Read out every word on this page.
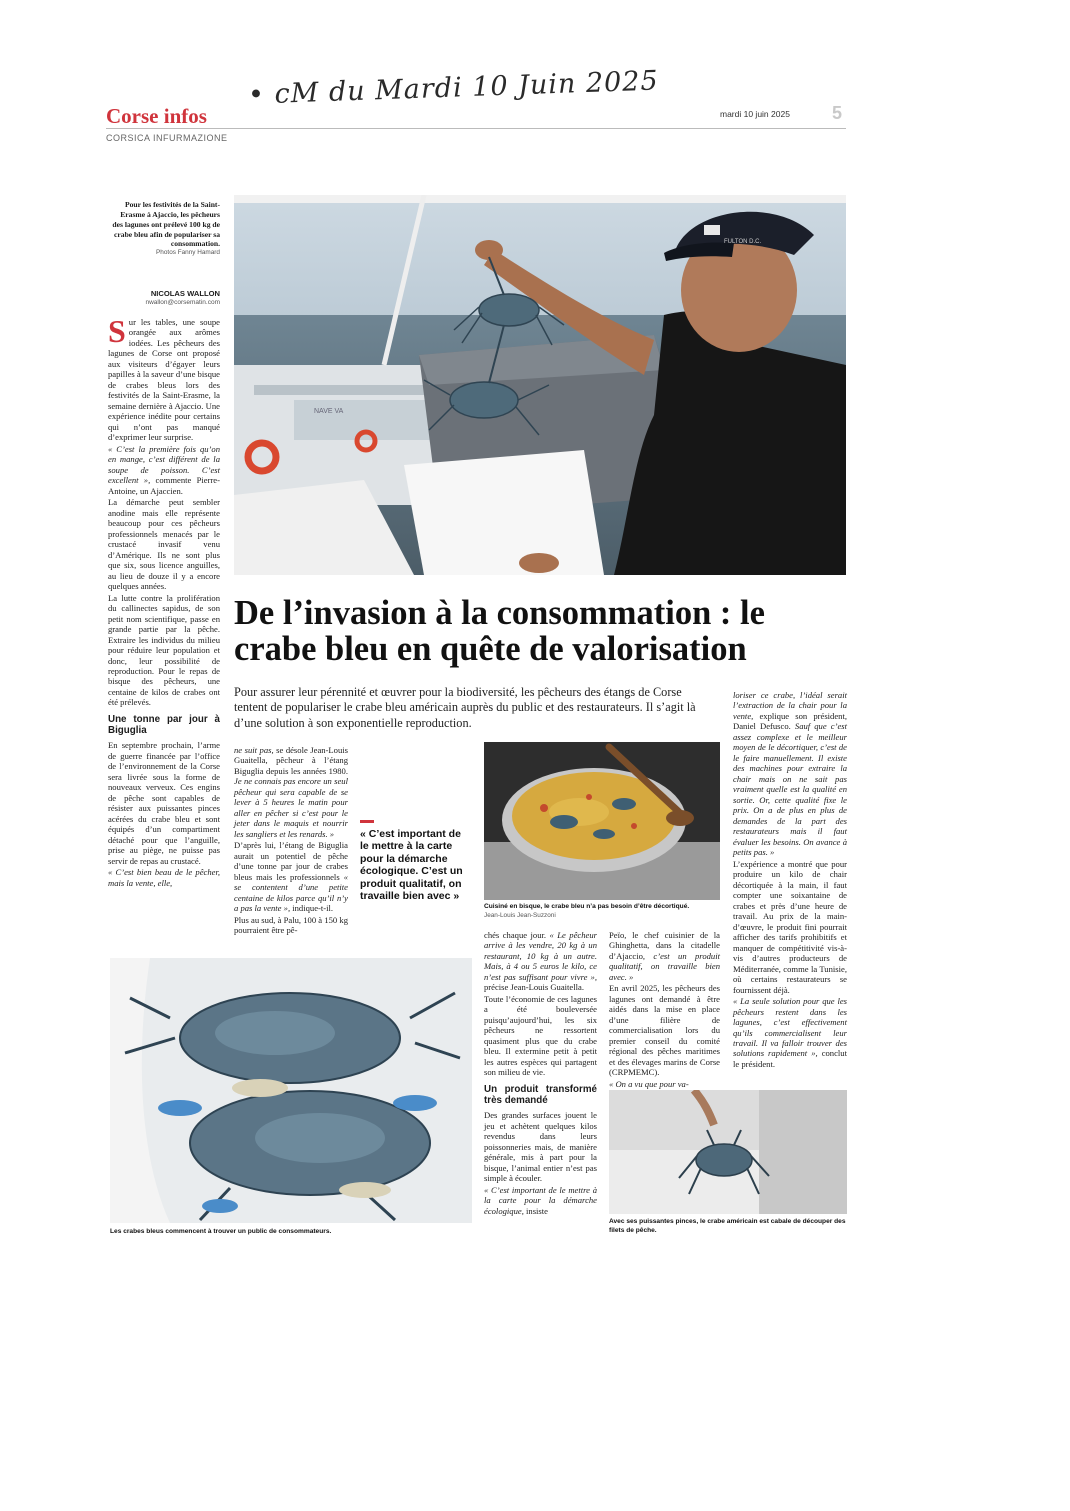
• cM du Mardi 10 Juin 2025
Corse infos
CORSICA INFURMAZIONE
mardi 10 juin 2025 5
Pour les festivités de la Saint-Erasme à Ajaccio, les pêcheurs des lagunes ont prélevé 100 kg de crabe bleu afin de populariser sa consommation.
Photos Fanny Hamard
NICOLAS WALLON
nwallon@corsematin.com
NAVE VA
FULTON D.C.

Sur les tables, une soupe orangée aux arômes iodées. Les pêcheurs des lagunes de Corse ont proposé aux visiteurs d’égayer leurs papilles à la saveur d’une bisque de crabes bleus lors des festivités de la Saint-Erasme, la semaine dernière à Ajaccio. Une expérience inédite pour certains qui n’ont pas manqué d’exprimer leur surprise.

« C’est la première fois qu’on en mange, c’est différent de la soupe de poisson. C’est excellent », commente Pierre-Antoine, un Ajaccien.

La démarche peut sembler anodine mais elle représente beaucoup pour ces pêcheurs professionnels menacés par le crustacé invasif venu d’Amérique. Ils ne sont plus que six, sous licence anguilles, au lieu de douze il y a encore quelques années.

La lutte contre la prolifération du callinectes sapidus, de son petit nom scientifique, passe en grande partie par la pêche. Extraire les individus du milieu pour réduire leur population et donc, leur possibilité de reproduction. Pour le repas de bisque des pêcheurs, une centaine de kilos de crabes ont été prélevés.

Une tonne par jour à Biguglia

En septembre prochain, l’arme de guerre financée par l’office de l’environnement de la Corse sera livrée sous la forme de nouveaux verveux. Ces engins de pêche sont capables de résister aux puissantes pinces acérées du crabe bleu et sont équipés d’un compartiment détaché pour que l’anguille, prise au piège, ne puisse pas servir de repas au crustacé.

« C’est bien beau de le pêcher, mais la vente, elle,

De l’invasion à la consommation : le crabe bleu en quête de valorisation
Pour assurer leur pérennité et œuvrer pour la biodiversité, les pêcheurs des étangs de Corse tentent de populariser le crabe bleu américain auprès du public et des restaurateurs. Il s’agit là d’une solution à son exponentielle reproduction.

ne suit pas, se désole Jean-Louis Guaitella, pêcheur à l’étang Biguglia depuis les années 1980. Je ne connais pas encore un seul pêcheur qui sera capable de se lever à 5 heures le matin pour aller en pêcher si c’est pour le jeter dans le maquis et nourrir les sangliers et les renards. »

D’après lui, l’étang de Biguglia aurait un potentiel de pêche d’une tonne par jour de crabes bleus mais les professionnels « se contentent d’une petite centaine de kilos parce qu’il n’y a pas la vente », indique-t-il.

Plus au sud, à Palu, 100 à 150 kg pourraient être pê-

« C’est important de le mettre à la carte pour la démarche écologique. C’est un produit qualitatif, on travaille bien avec »
Cuisiné en bisque, le crabe bleu n’a pas besoin d’être décortiqué.
Jean-Louis Jean-Suzzoni

chés chaque jour. « Le pêcheur arrive à les vendre, 20 kg à un restaurant, 10 kg à un autre. Mais, à 4 ou 5 euros le kilo, ce n’est pas suffisant pour vivre », précise Jean-Louis Guaitella.

Toute l’économie de ces lagunes a été bouleversée puisqu’aujourd’hui, les six pêcheurs ne ressortent quasiment plus que du crabe bleu. Il extermine petit à petit les autres espèces qui partagent son milieu de vie.

Un produit transformé très demandé

Des grandes surfaces jouent le jeu et achètent quelques kilos revendus dans leurs poissonneries mais, de manière générale, mis à part pour la bisque, l’animal entier n’est pas simple à écouler.

« C’est important de le mettre à la carte pour la démarche écologique, insiste

Peïo, le chef cuisinier de la Ghinghetta, dans la citadelle d’Ajaccio, c’est un produit qualitatif, on travaille bien avec. »

En avril 2025, les pêcheurs des lagunes ont demandé à être aidés dans la mise en place d’une filière de commercialisation lors du premier conseil du comité régional des pêches maritimes et des élevages marins de Corse (CRPMEMC).

« On a vu que pour va-

loriser ce crabe, l’idéal serait l’extraction de la chair pour la vente, explique son président, Daniel Defusco. Sauf que c’est assez complexe et le meilleur moyen de le décortiquer, c’est de le faire manuellement. Il existe des machines pour extraire la chair mais on ne sait pas vraiment quelle est la qualité en sortie. Or, cette qualité fixe le prix. On a de plus en plus de demandes de la part des restaurateurs mais il faut évaluer les besoins. On avance à petits pas. »

L’expérience a montré que pour produire un kilo de chair décortiquée à la main, il faut compter une soixantaine de crabes et près d’une heure de travail. Au prix de la main-d’œuvre, le produit fini pourrait afficher des tarifs prohibitifs et manquer de compétitivité vis-à-vis d’autres producteurs de Méditerranée, comme la Tunisie, où certains restaurateurs se fournissent déjà.

« La seule solution pour que les pêcheurs restent dans les lagunes, c’est effectivement qu’ils commercialisent leur travail. Il va falloir trouver des solutions rapidement », conclut le président.

Les crabes bleus commencent à trouver un public de consommateurs.
Avec ses puissantes pinces, le crabe américain est cabale de découper des filets de pêche.
